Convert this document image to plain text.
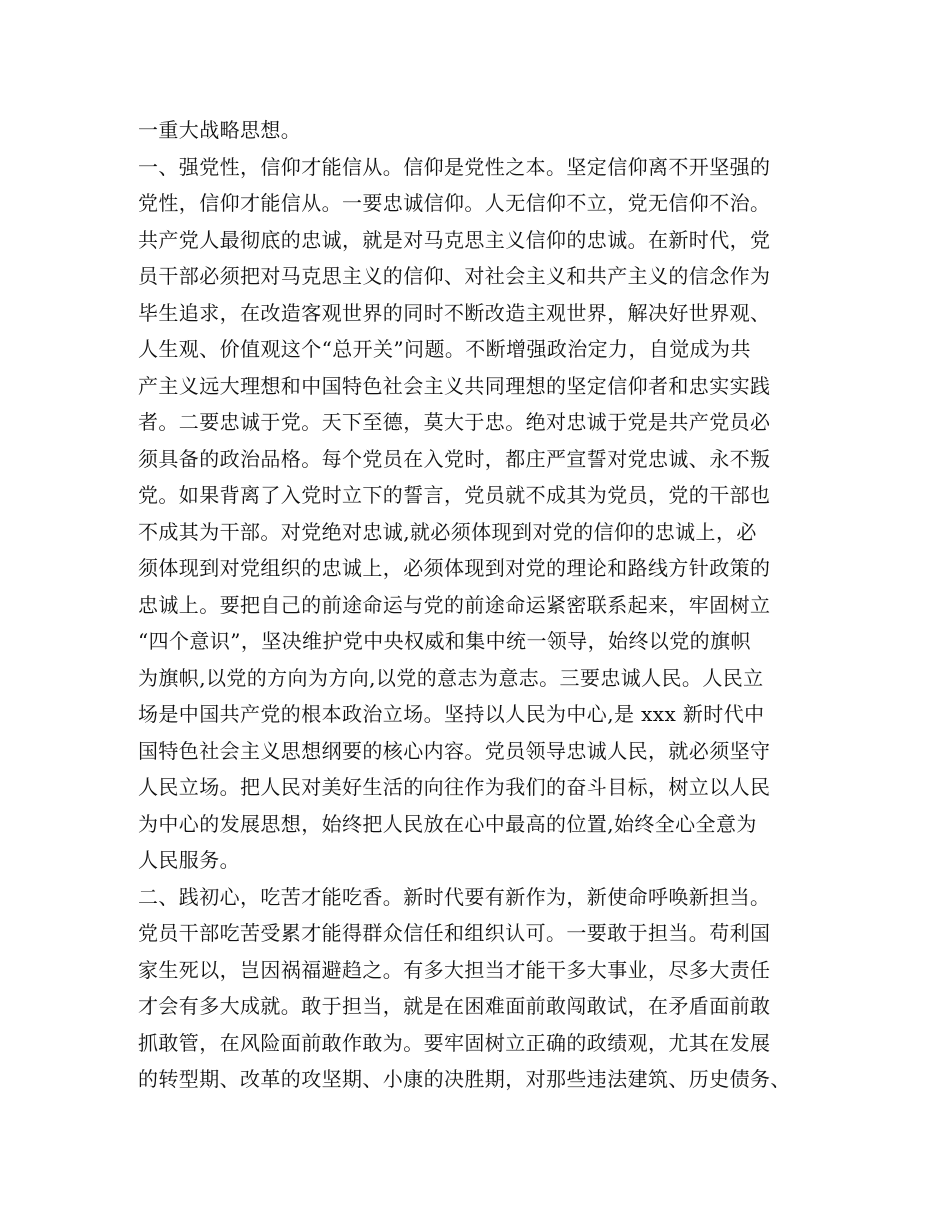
一重大战略思想。
一、强党性，信仰才能信从。信仰是党性之本。坚定信仰离不开坚强的
党性，信仰才能信从。一要忠诚信仰。人无信仰不立，党无信仰不治。
共产党人最彻底的忠诚，就是对马克思主义信仰的忠诚。在新时代，党
员干部必须把对马克思主义的信仰、对社会主义和共产主义的信念作为
毕生追求，在改造客观世界的同时不断改造主观世界，解决好世界观、
人生观、价值观这个“总开关”问题。不断增强政治定力，自觉成为共
产主义远大理想和中国特色社会主义共同理想的坚定信仰者和忠实实践
者。二要忠诚于党。天下至德，莫大于忠。绝对忠诚于党是共产党员必
须具备的政治品格。每个党员在入党时，都庄严宣誓对党忠诚、永不叛
党。如果背离了入党时立下的誓言，党员就不成其为党员，党的干部也
不成其为干部。对党绝对忠诚,就必须体现到对党的信仰的忠诚上，必
须体现到对党组织的忠诚上，必须体现到对党的理论和路线方针政策的
忠诚上。要把自己的前途命运与党的前途命运紧密联系起来，牢固树立
“四个意识”，坚决维护党中央权威和集中统一领导，始终以党的旗帜
为旗帜,以党的方向为方向,以党的意志为意志。三要忠诚人民。人民立
场是中国共产党的根本政治立场。坚持以人民为中心,是 xxx 新时代中
国特色社会主义思想纲要的核心内容。党员领导忠诚人民，就必须坚守
人民立场。把人民对美好生活的向往作为我们的奋斗目标，树立以人民
为中心的发展思想，始终把人民放在心中最高的位置,始终全心全意为
人民服务。
二、践初心，吃苦才能吃香。新时代要有新作为，新使命呼唤新担当。
党员干部吃苦受累才能得群众信任和组织认可。一要敢于担当。苟利国
家生死以，岂因祸福避趋之。有多大担当才能干多大事业，尽多大责任
才会有多大成就。敢于担当，就是在困难面前敢闯敢试，在矛盾面前敢
抓敢管，在风险面前敢作敢为。要牢固树立正确的政绩观，尤其在发展
的转型期、改革的攻坚期、小康的决胜期，对那些违法建筑、历史债务、
